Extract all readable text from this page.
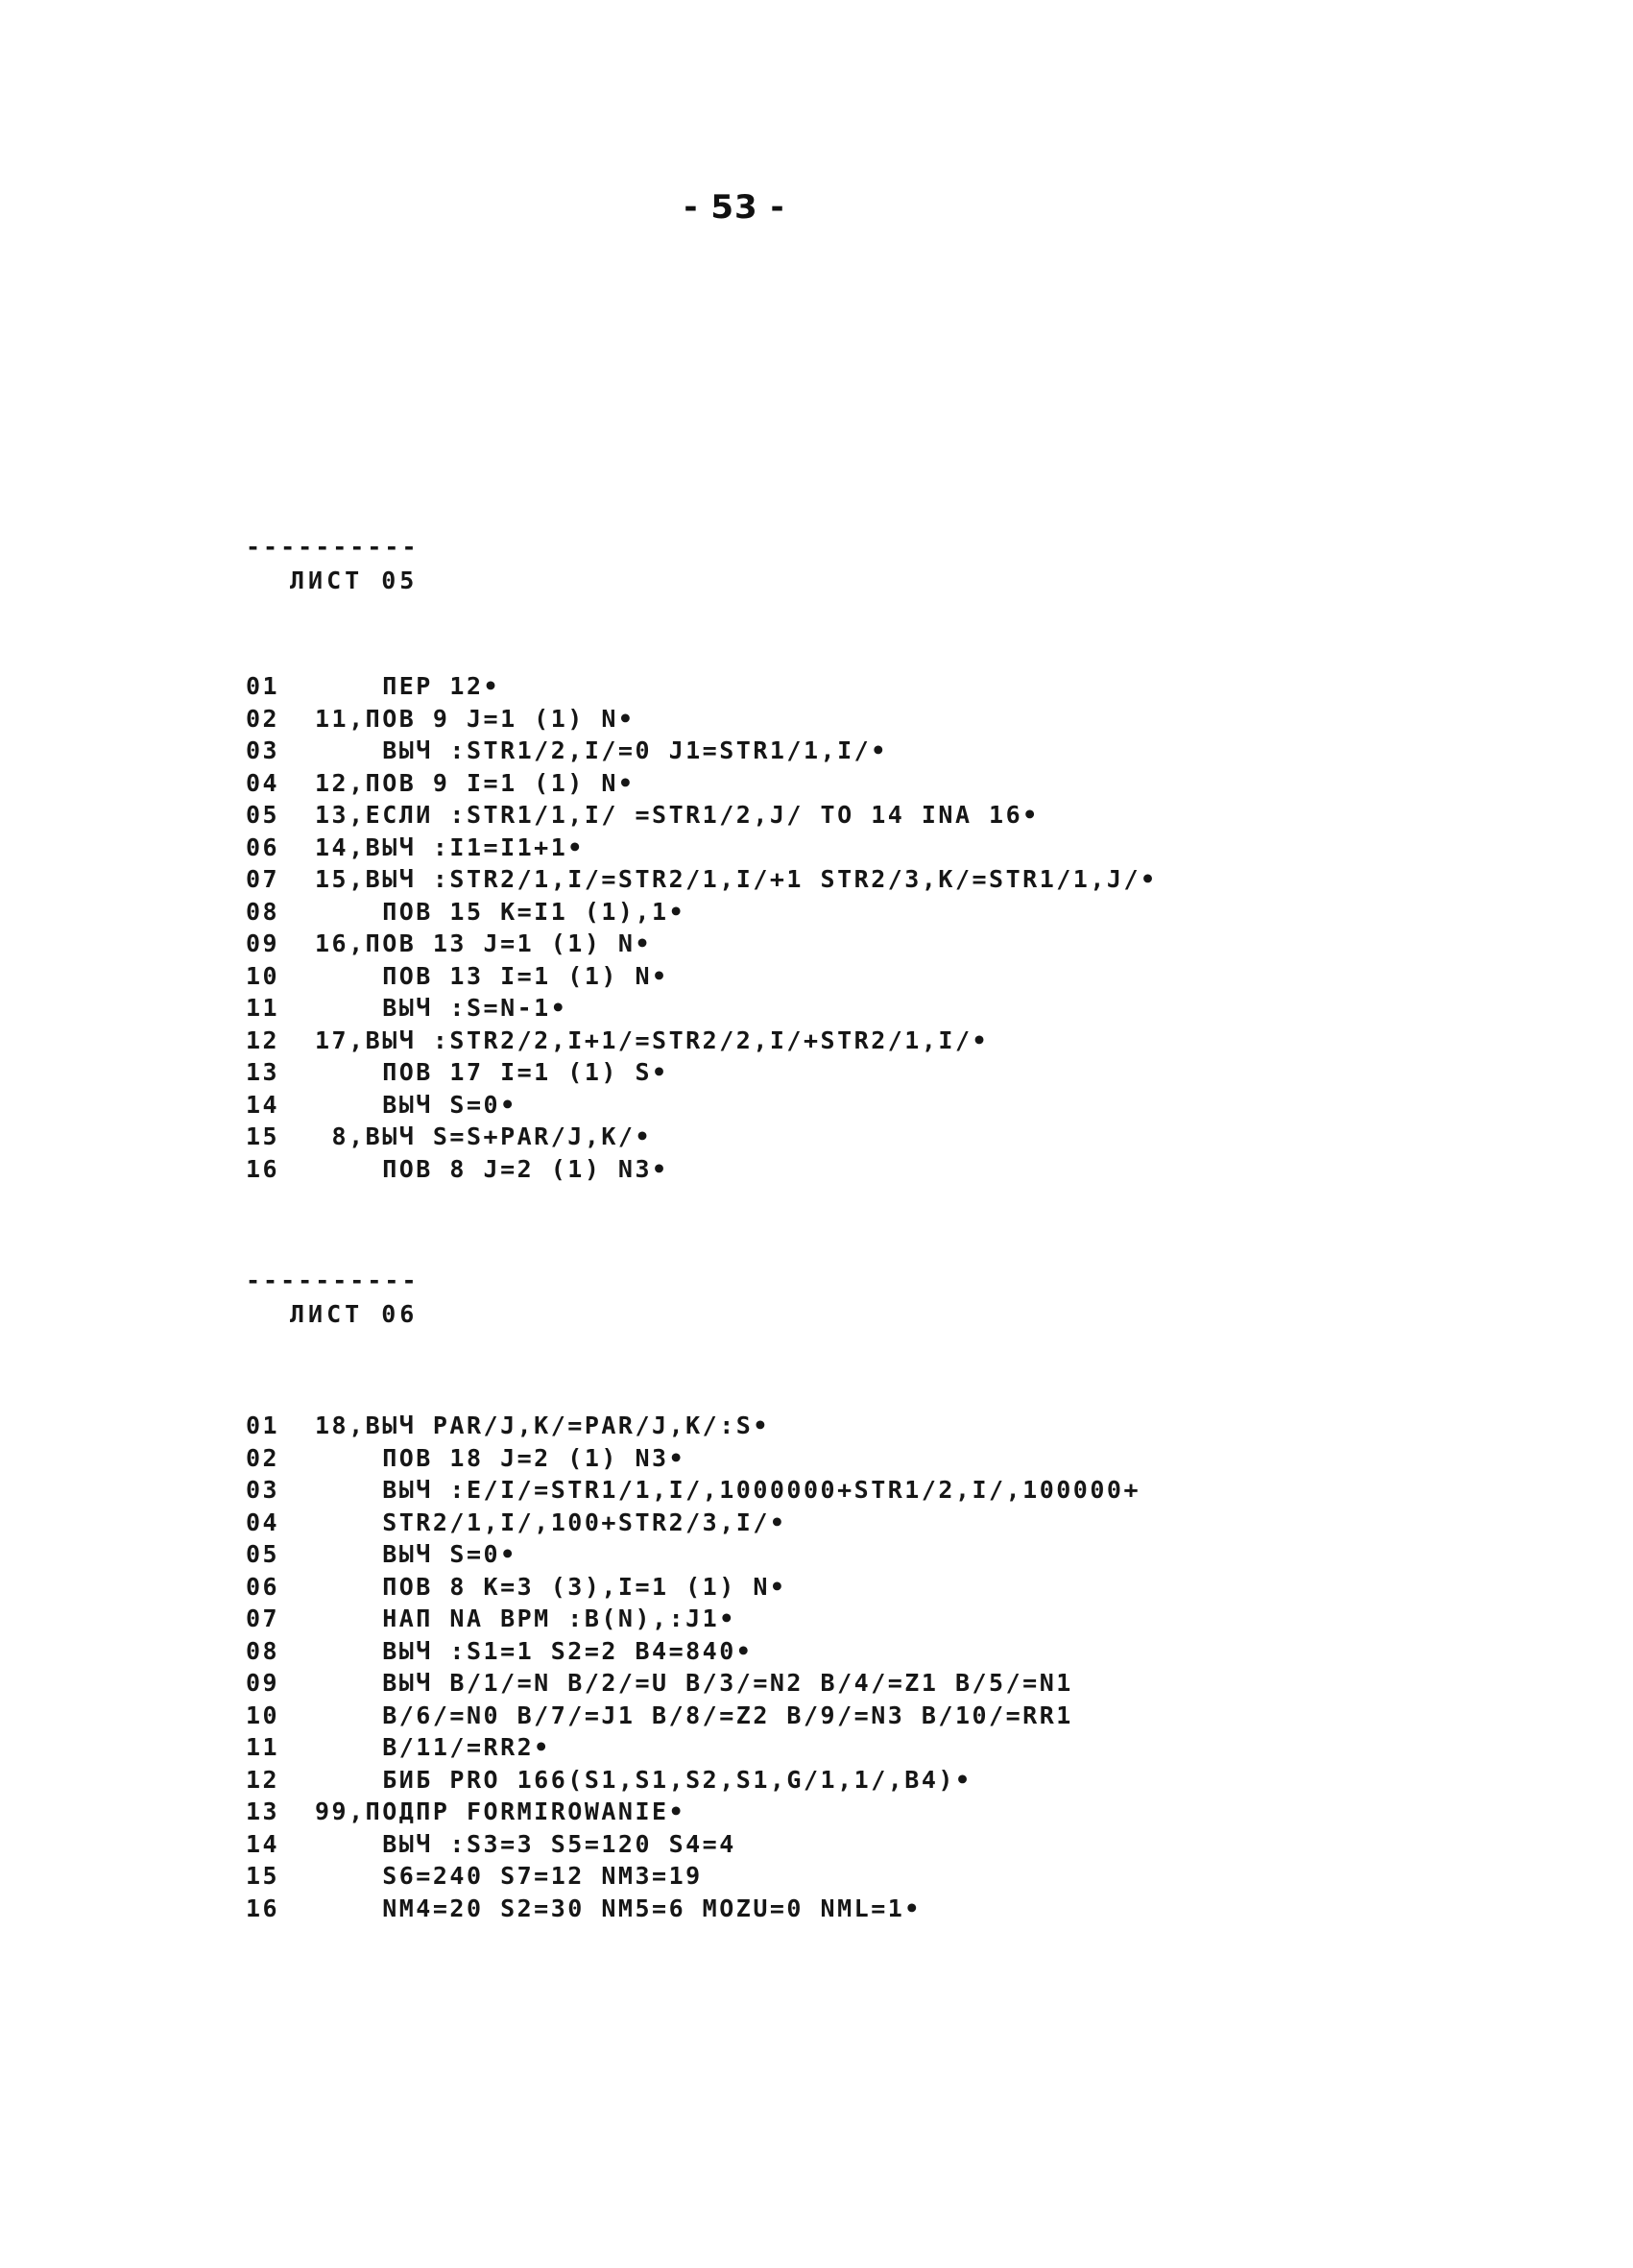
- 53 -
----------
ЛИСТ 05
01    ПЕР 12•
02 11,ПОВ 9 J=1 (1) N•
03    ВЫЧ :STR1/2,I/=0 J1=STR1/1,I/•
04 12,ПОВ 9 I=1 (1) N•
05 13,ЕСЛИ :STR1/1,I/ =STR1/2,J/ TO 14 INA 16•
06 14,ВЫЧ :I1=I1+1•
07 15,ВЫЧ :STR2/1,I/=STR2/1,I/+1 STR2/3,K/=STR1/1,J/•
08    ПОВ 15 K=I1 (1),1•
09 16,ПОВ 13 J=1 (1) N•
10    ПОВ 13 I=1 (1) N•
11    ВЫЧ :S=N-1•
12 17,ВЫЧ :STR2/2,I+1/=STR2/2,I/+STR2/1,I/•
13    ПОВ 17 I=1 (1) S•
14    ВЫЧ S=0•
15 8,ВЫЧ S=S+PAR/J,K/•
16    ПОВ 8 J=2 (1) N3•
----------
ЛИСТ 06
01 18,ВЫЧ PAR/J,K/=PAR/J,K/:S•
02    ПОВ 18 J=2 (1) N3•
03    ВЫЧ :E/I/=STR1/1,I/,1000000+STR1/2,I/,100000+
04    STR2/1,I/,100+STR2/3,I/•
05    ВЫЧ S=0•
06    ПОВ 8 K=3 (3),I=1 (1) N•
07    НАП NA ВРМ :B(N),:J1•
08    ВЫЧ :S1=1 S2=2 B4=840•
09    ВЫЧ B/1/=N B/2/=U B/3/=N2 B/4/=Z1 B/5/=N1
10    B/6/=N0 B/7/=J1 B/8/=Z2 B/9/=N3 B/10/=RR1
11    B/11/=RR2•
12    БИБ PRO 166(S1,S1,S2,S1,G/1,1/,B4)•
13 99,ПОДПР FORMIROWANIE•
14    ВЫЧ :S3=3 S5=120 S4=4
15    S6=240 S7=12 NM3=19
16    NM4=20 S2=30 NM5=6 MOZU=0 NML=1•
